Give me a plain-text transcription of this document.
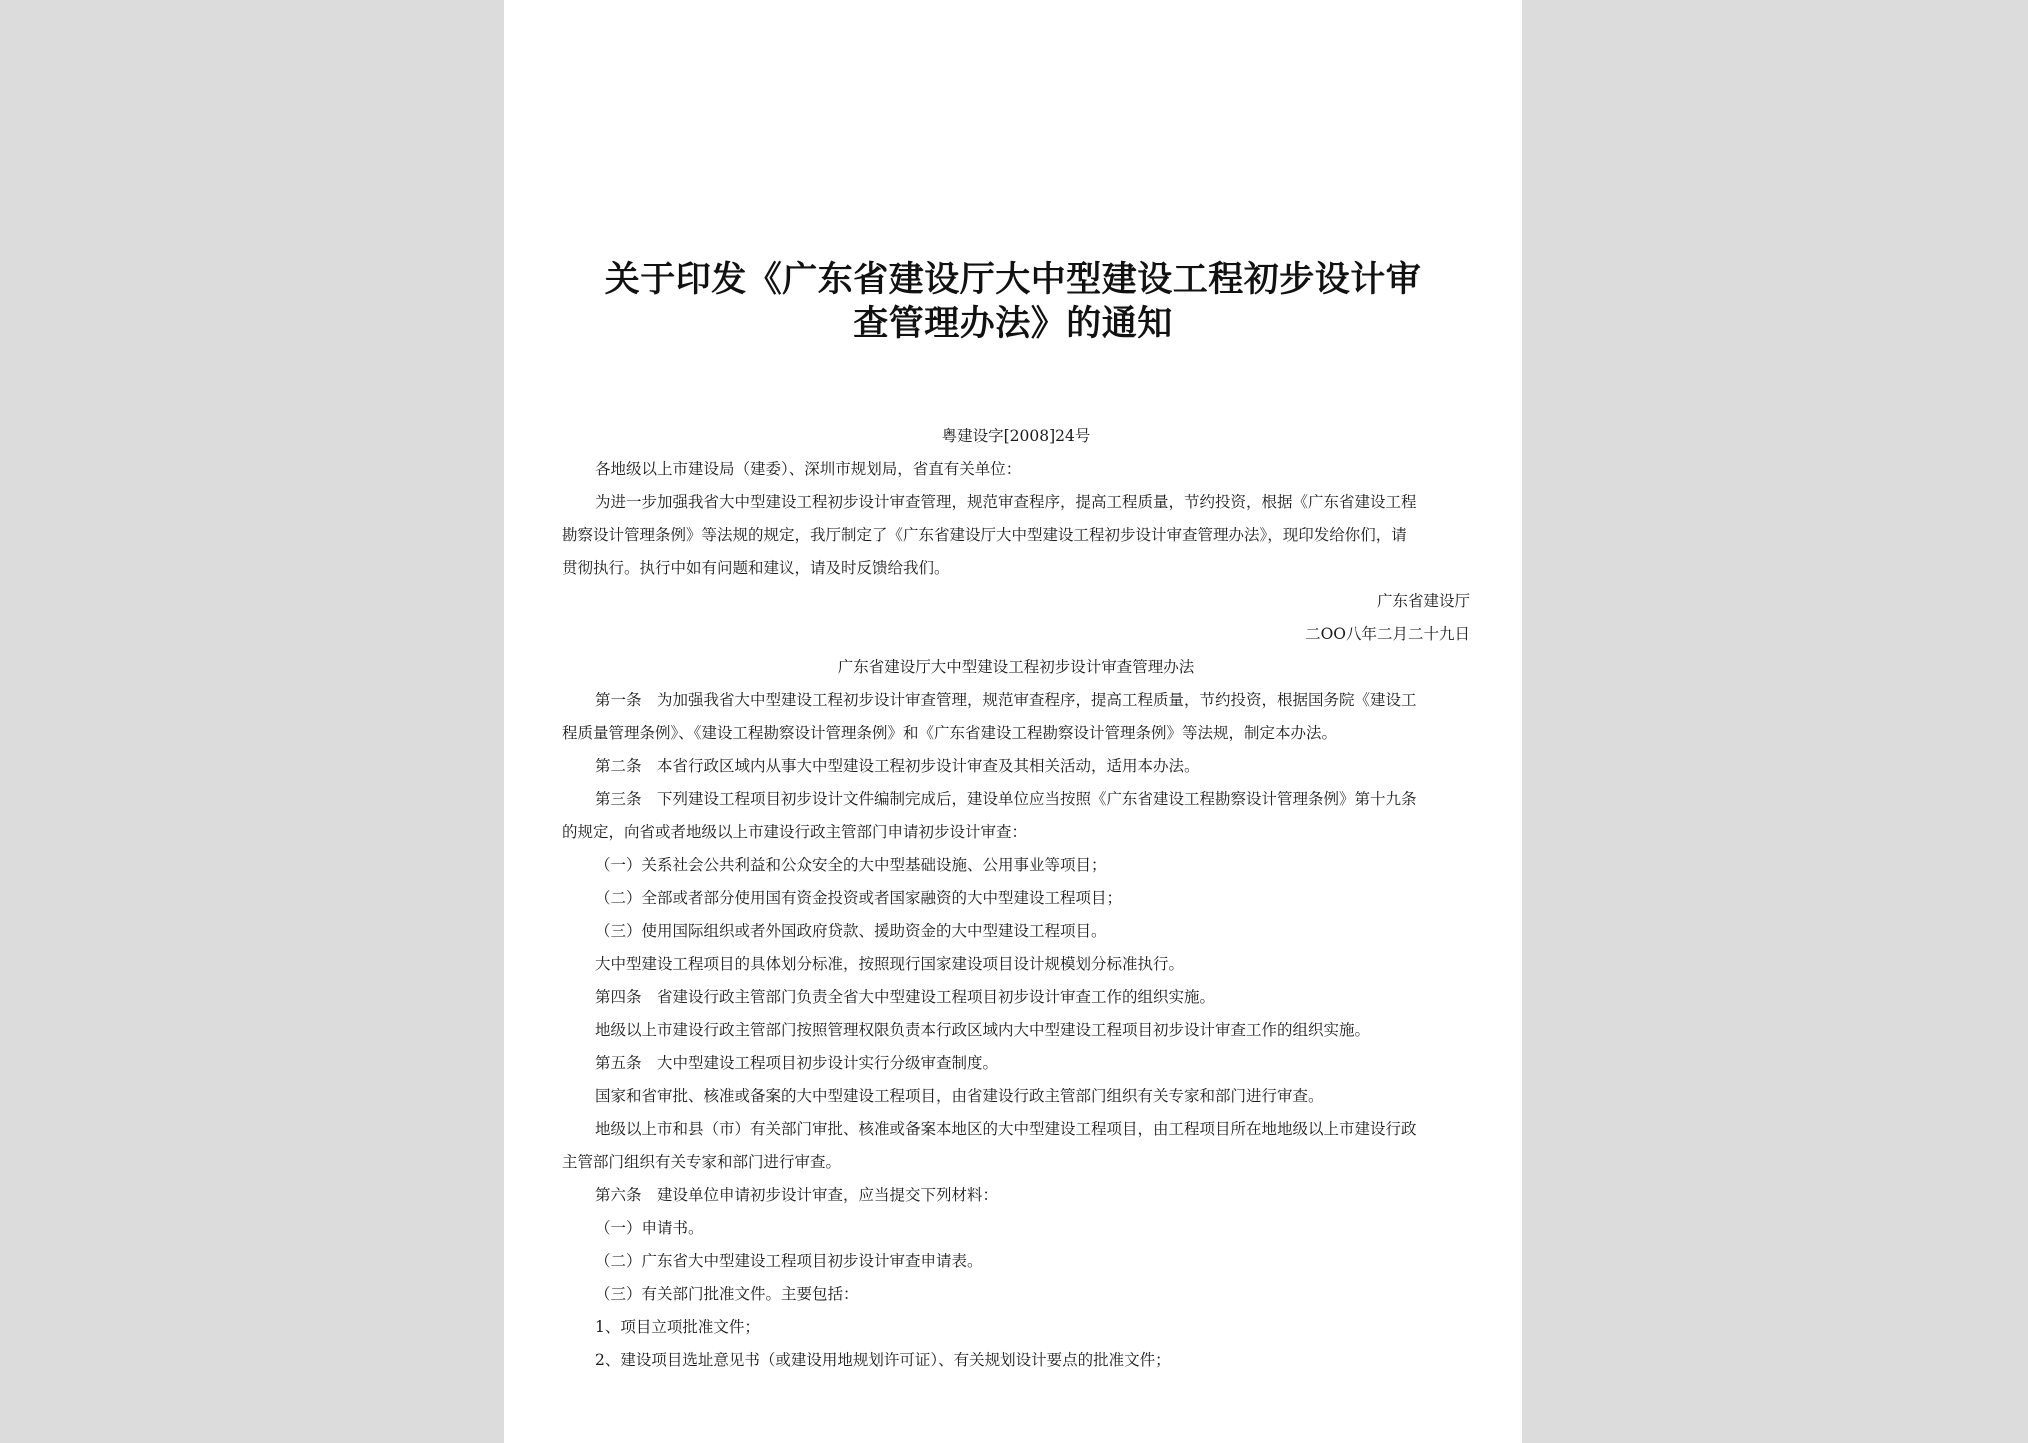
关于印发《广东省建设厅大中型建设工程初步设计审
查管理办法》的通知

粤建设字[2008]24号

各地级以上市建设局（建委）、深圳市规划局，省直有关单位：

为进一步加强我省大中型建设工程初步设计审查管理，规范审查程序，提高工程质量，节约投资，根据《广东省建设工程

勘察设计管理条例》等法规的规定，我厅制定了《广东省建设厅大中型建设工程初步设计审查管理办法》，现印发给你们，请

贯彻执行。执行中如有问题和建议，请及时反馈给我们。

广东省建设厅

二OO八年二月二十九日

广东省建设厅大中型建设工程初步设计审查管理办法

第一条　为加强我省大中型建设工程初步设计审查管理，规范审查程序，提高工程质量，节约投资，根据国务院《建设工

程质量管理条例》、《建设工程勘察设计管理条例》和《广东省建设工程勘察设计管理条例》等法规，制定本办法。

第二条　本省行政区域内从事大中型建设工程初步设计审查及其相关活动，适用本办法。

第三条　下列建设工程项目初步设计文件编制完成后，建设单位应当按照《广东省建设工程勘察设计管理条例》第十九条

的规定，向省或者地级以上市建设行政主管部门申请初步设计审查：

（一）关系社会公共利益和公众安全的大中型基础设施、公用事业等项目；

（二）全部或者部分使用国有资金投资或者国家融资的大中型建设工程项目；

（三）使用国际组织或者外国政府贷款、援助资金的大中型建设工程项目。

大中型建设工程项目的具体划分标准，按照现行国家建设项目设计规模划分标准执行。

第四条　省建设行政主管部门负责全省大中型建设工程项目初步设计审查工作的组织实施。

地级以上市建设行政主管部门按照管理权限负责本行政区域内大中型建设工程项目初步设计审查工作的组织实施。

第五条　大中型建设工程项目初步设计实行分级审查制度。

国家和省审批、核准或备案的大中型建设工程项目，由省建设行政主管部门组织有关专家和部门进行审查。

地级以上市和县（市）有关部门审批、核准或备案本地区的大中型建设工程项目，由工程项目所在地地级以上市建设行政

主管部门组织有关专家和部门进行审查。

第六条　建设单位申请初步设计审查，应当提交下列材料：

（一）申请书。

（二）广东省大中型建设工程项目初步设计审查申请表。

（三）有关部门批准文件。主要包括：

1、项目立项批准文件；

2、建设项目选址意见书（或建设用地规划许可证）、有关规划设计要点的批准文件；
